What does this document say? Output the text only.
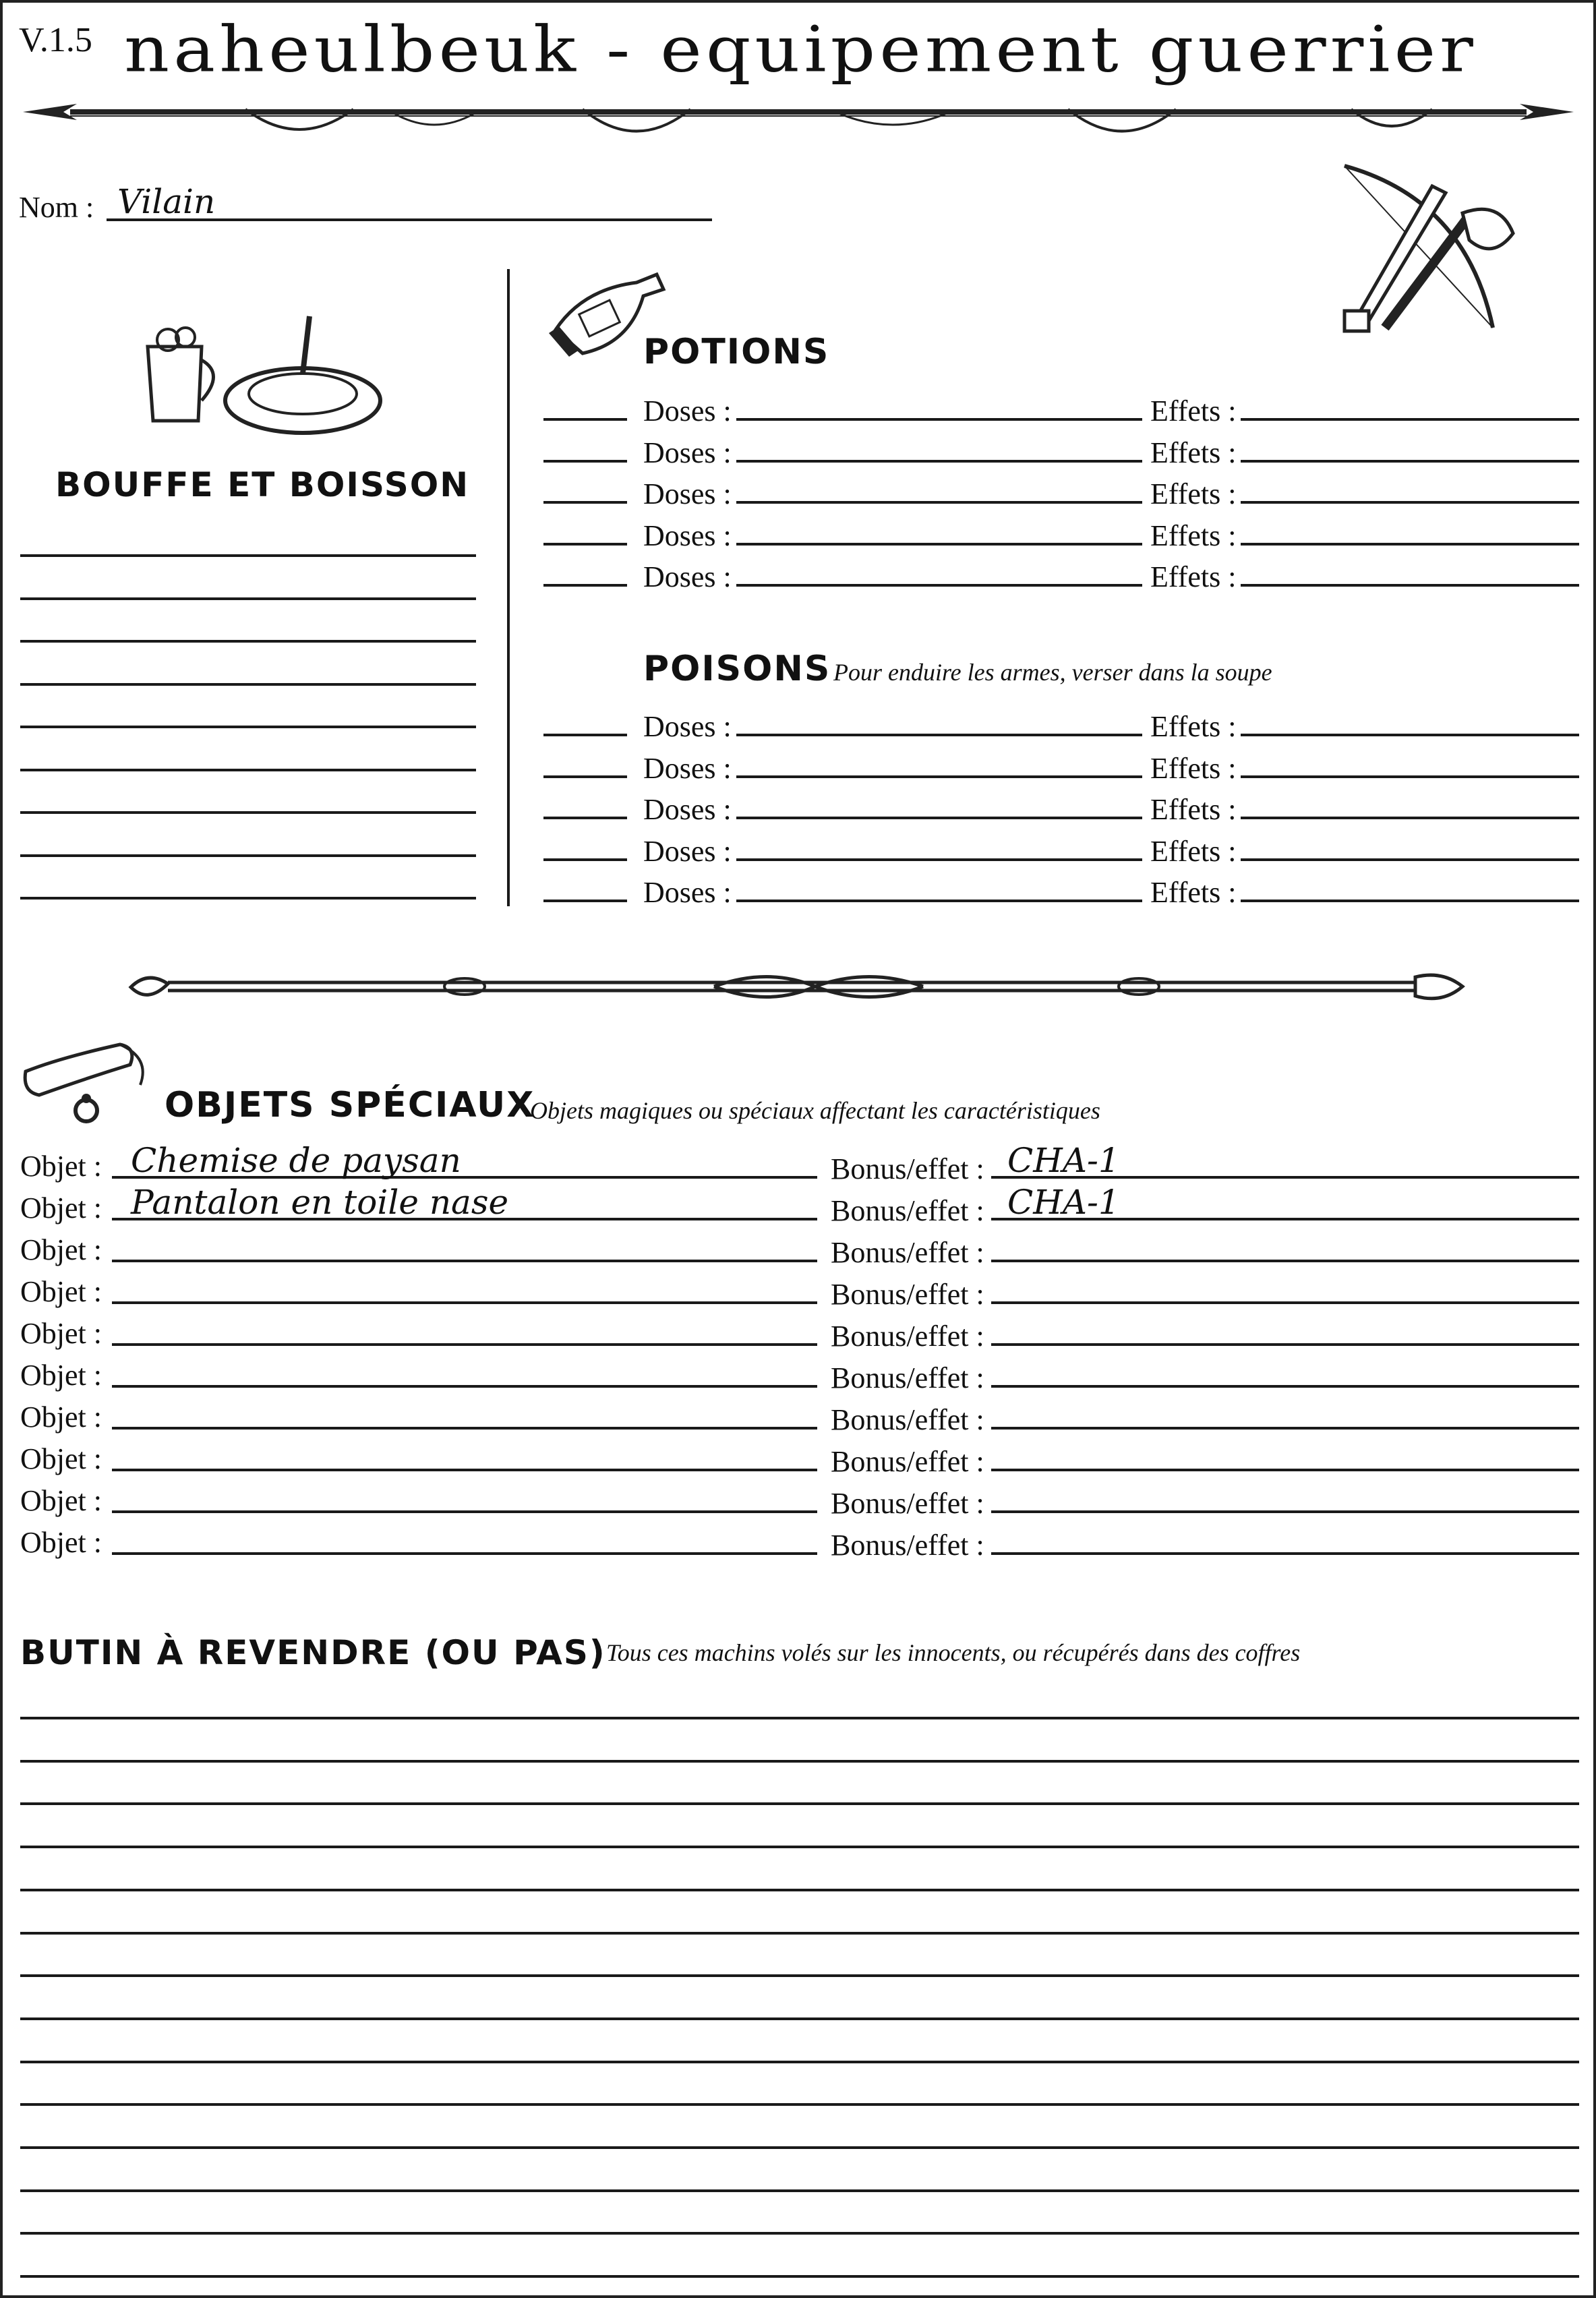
V.1.5 naheulbeuk - equipement guerrier
Nom : Vilain
BOUFFE ET BOISSON
POTIONS
Doses :	Effets :
Doses :	Effets :
Doses :	Effets :
Doses :	Effets :
Doses :	Effets :
POISONS Pour enduire les armes, verser dans la soupe
Doses :	Effets :
Doses :	Effets :
Doses :	Effets :
Doses :	Effets :
Doses :	Effets :
OBJETS SPÉCIAUX
Objets magiques ou spéciaux affectant les caractéristiques
Objet : Chemise de paysan	Bonus/effet : CHA-1
Objet : Pantalon en toile nase	Bonus/effet : CHA-1
Objet :	Bonus/effet :
Objet :	Bonus/effet :
Objet :	Bonus/effet :
Objet :	Bonus/effet :
Objet :	Bonus/effet :
Objet :	Bonus/effet :
Objet :	Bonus/effet :
Objet :	Bonus/effet :
BUTIN À REVENDRE (OU PAS) Tous ces machins volés sur les innocents, ou récupérés dans des coffres
